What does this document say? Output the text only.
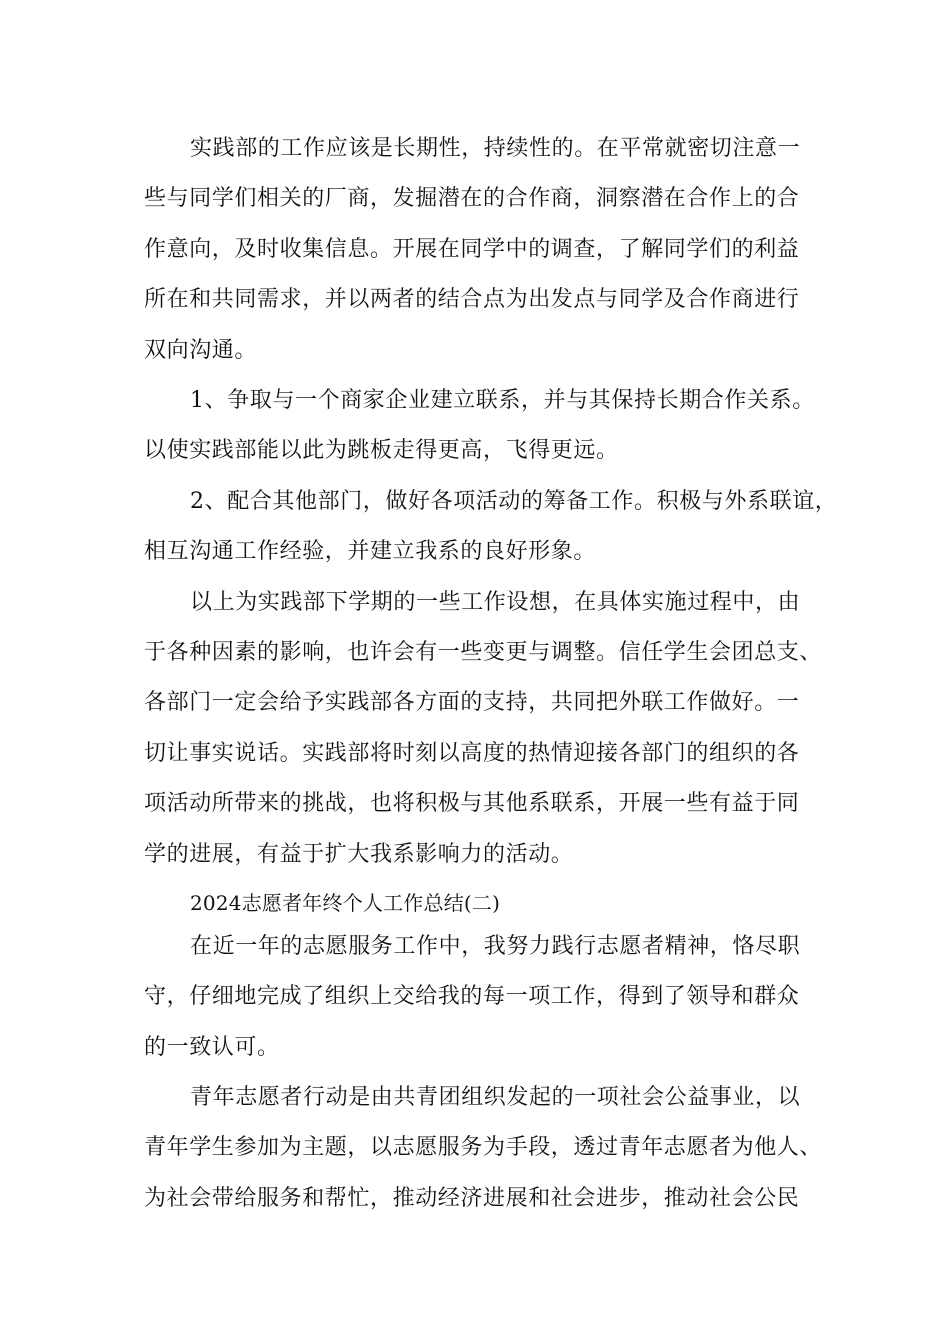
实践部的工作应该是长期性，持续性的。在平常就密切注意一

些与同学们相关的厂商，发掘潜在的合作商，洞察潜在合作上的合

作意向，及时收集信息。开展在同学中的调查，了解同学们的利益

所在和共同需求，并以两者的结合点为出发点与同学及合作商进行

双向沟通。

1、争取与一个商家企业建立联系，并与其保持长期合作关系。

以使实践部能以此为跳板走得更高，飞得更远。

2、配合其他部门，做好各项活动的筹备工作。积极与外系联谊，

相互沟通工作经验，并建立我系的良好形象。

以上为实践部下学期的一些工作设想，在具体实施过程中，由

于各种因素的影响，也许会有一些变更与调整。信任学生会团总支、

各部门一定会给予实践部各方面的支持，共同把外联工作做好。一

切让事实说话。实践部将时刻以高度的热情迎接各部门的组织的各

项活动所带来的挑战，也将积极与其他系联系，开展一些有益于同

学的进展，有益于扩大我系影响力的活动。

2024志愿者年终个人工作总结(二)

在近一年的志愿服务工作中，我努力践行志愿者精神，恪尽职

守，仔细地完成了组织上交给我的每一项工作，得到了领导和群众

的一致认可。

青年志愿者行动是由共青团组织发起的一项社会公益事业，以

青年学生参加为主题，以志愿服务为手段，透过青年志愿者为他人、

为社会带给服务和帮忙，推动经济进展和社会进步，推动社会公民
